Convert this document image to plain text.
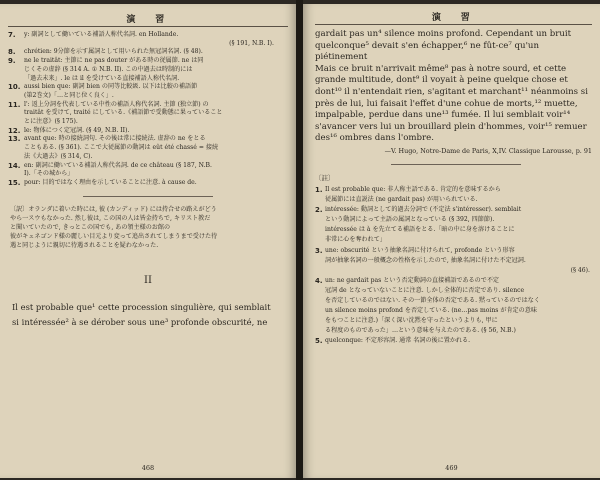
演　習
7.	y: 副詞として働いている補語人称代名詞. en Hollande.
(§ 191, N.B. I).
8.	chrétien: 9分節を示す属詞として用いられた無冠詞名詞. (§ 48).
9.	ne le traitât: 主節に ne pas douter がある時の従属節. ne は同
じくその虚辞 (§ 314 A. ① N.B. II). この中過去は時制的には
「過去未来」. le は il を受けている直接補語人称代名詞.
10. aussi bien que: 副詞 bien の同等比較級. 以下は比較の補語節
(第2巻文)「…と同じ位く良く」.
11. l': 返上分詞を代表している中性の補語人称代名詞. 主節 (独立節) の
traitât を受けて, traité にしている.《補語節で受動態に果っていること
とに注意》(§ 175).
12. le: 物体につく定冠詞. (§ 49, N.B. II).
13. avant que: 時の接続詞句. その後は常に接続法. 虚辞の ne をとる
こともある. (§ 361). ここで大従属節の動詞は eût été chassé = 接続
法《大過去》(§ 314, C).
14. en: 副詞に働いている補語人称代名詞. de ce château (§ 187, N.B.
I).「その城から」
15. pour: 目的ではなく理由を示していることに注意. à cause de.
〔訳〕オランダに着いた時には, 彼 (カンディッド) には持合せの路えがどう
やら一スウもなかった. 然し彼は, この国の人は皆金持ちで, キリスト教だ
と聞いていたので, きっとこの国でも, あの領主様のお館の
彼がキュネゴンド様の麗しい目元より変って追出されてしまうまで受けた待
遇と同じように親切に待遇されることを疑わなかった.
II
Il est probable que¹ cette procession singulière, qui semblait
si intéressée² à se dérober sous une³ profonde obscurité, ne
468
演　習
gardait pas un⁴ silence moins profond. Cependant un bruit
quelconque⁵ devait s'en échapper,⁶ ne fût-ce⁷ qu'un piétinement
Mais ce bruit n'arrivait même⁸ pas à notre sourd, et cette
grande multitude, dont⁹ il voyait à peine quelque chose et
dont¹⁰ il n'entendait rien, s'agitant et marchant¹¹ néanmoins si
près de lui, lui faisait l'effet d'une cohue de morts,¹² muette,
impalpable, perdue dans une¹³ fumée. Il lui semblait voir¹⁴
s'avancer vers lui un brouillard plein d'hommes, voir¹⁵ remuer
des¹⁶ ombres dans l'ombre.
—V. Hugo, Notre-Dame de Paris, X,IV. Classique Larousse, p. 91
〔註〕
1. Il est probable que: 非人称主語である. 肯定的を意味するから
従属節には直説法 (ne gardait pas) が用いられている.
2. intéressée: 動詞として的過去分詞で (不定法 s'intéresser). semblait
という動詞によって主語の属詞となっている (§ 392, 四節節).
intéressée は à を先立てる補語をとる.「暗の中に身を溶けることに
非常に心を奪われて」
3. une: obscurité という抽象名詞に付けられて, profonde という形容
詞が抽象名詞の一般概念の性格を示したので, 抽象名詞に付けた不定冠詞.
(§ 46).
4. un: ne gardait pas という否定動詞の直接補語であるので不定
冠詞 de となっていないことに注意. しかし全体的に否定であり. silence
を否定しているのではない. その一節全体の否定である. 黙っているのではなく
un silence moins profond を否定している. (ne…pas moins が肯定の意味
をもつことに注意.)「深く深い沈黙を守ったというよりも, 甲に
る程度のものであった」…という意味を与えたのである. (§ 56, N.B.)
5. quelconque: 不定形容詞. 通常 名詞の後に置かれる.
469
